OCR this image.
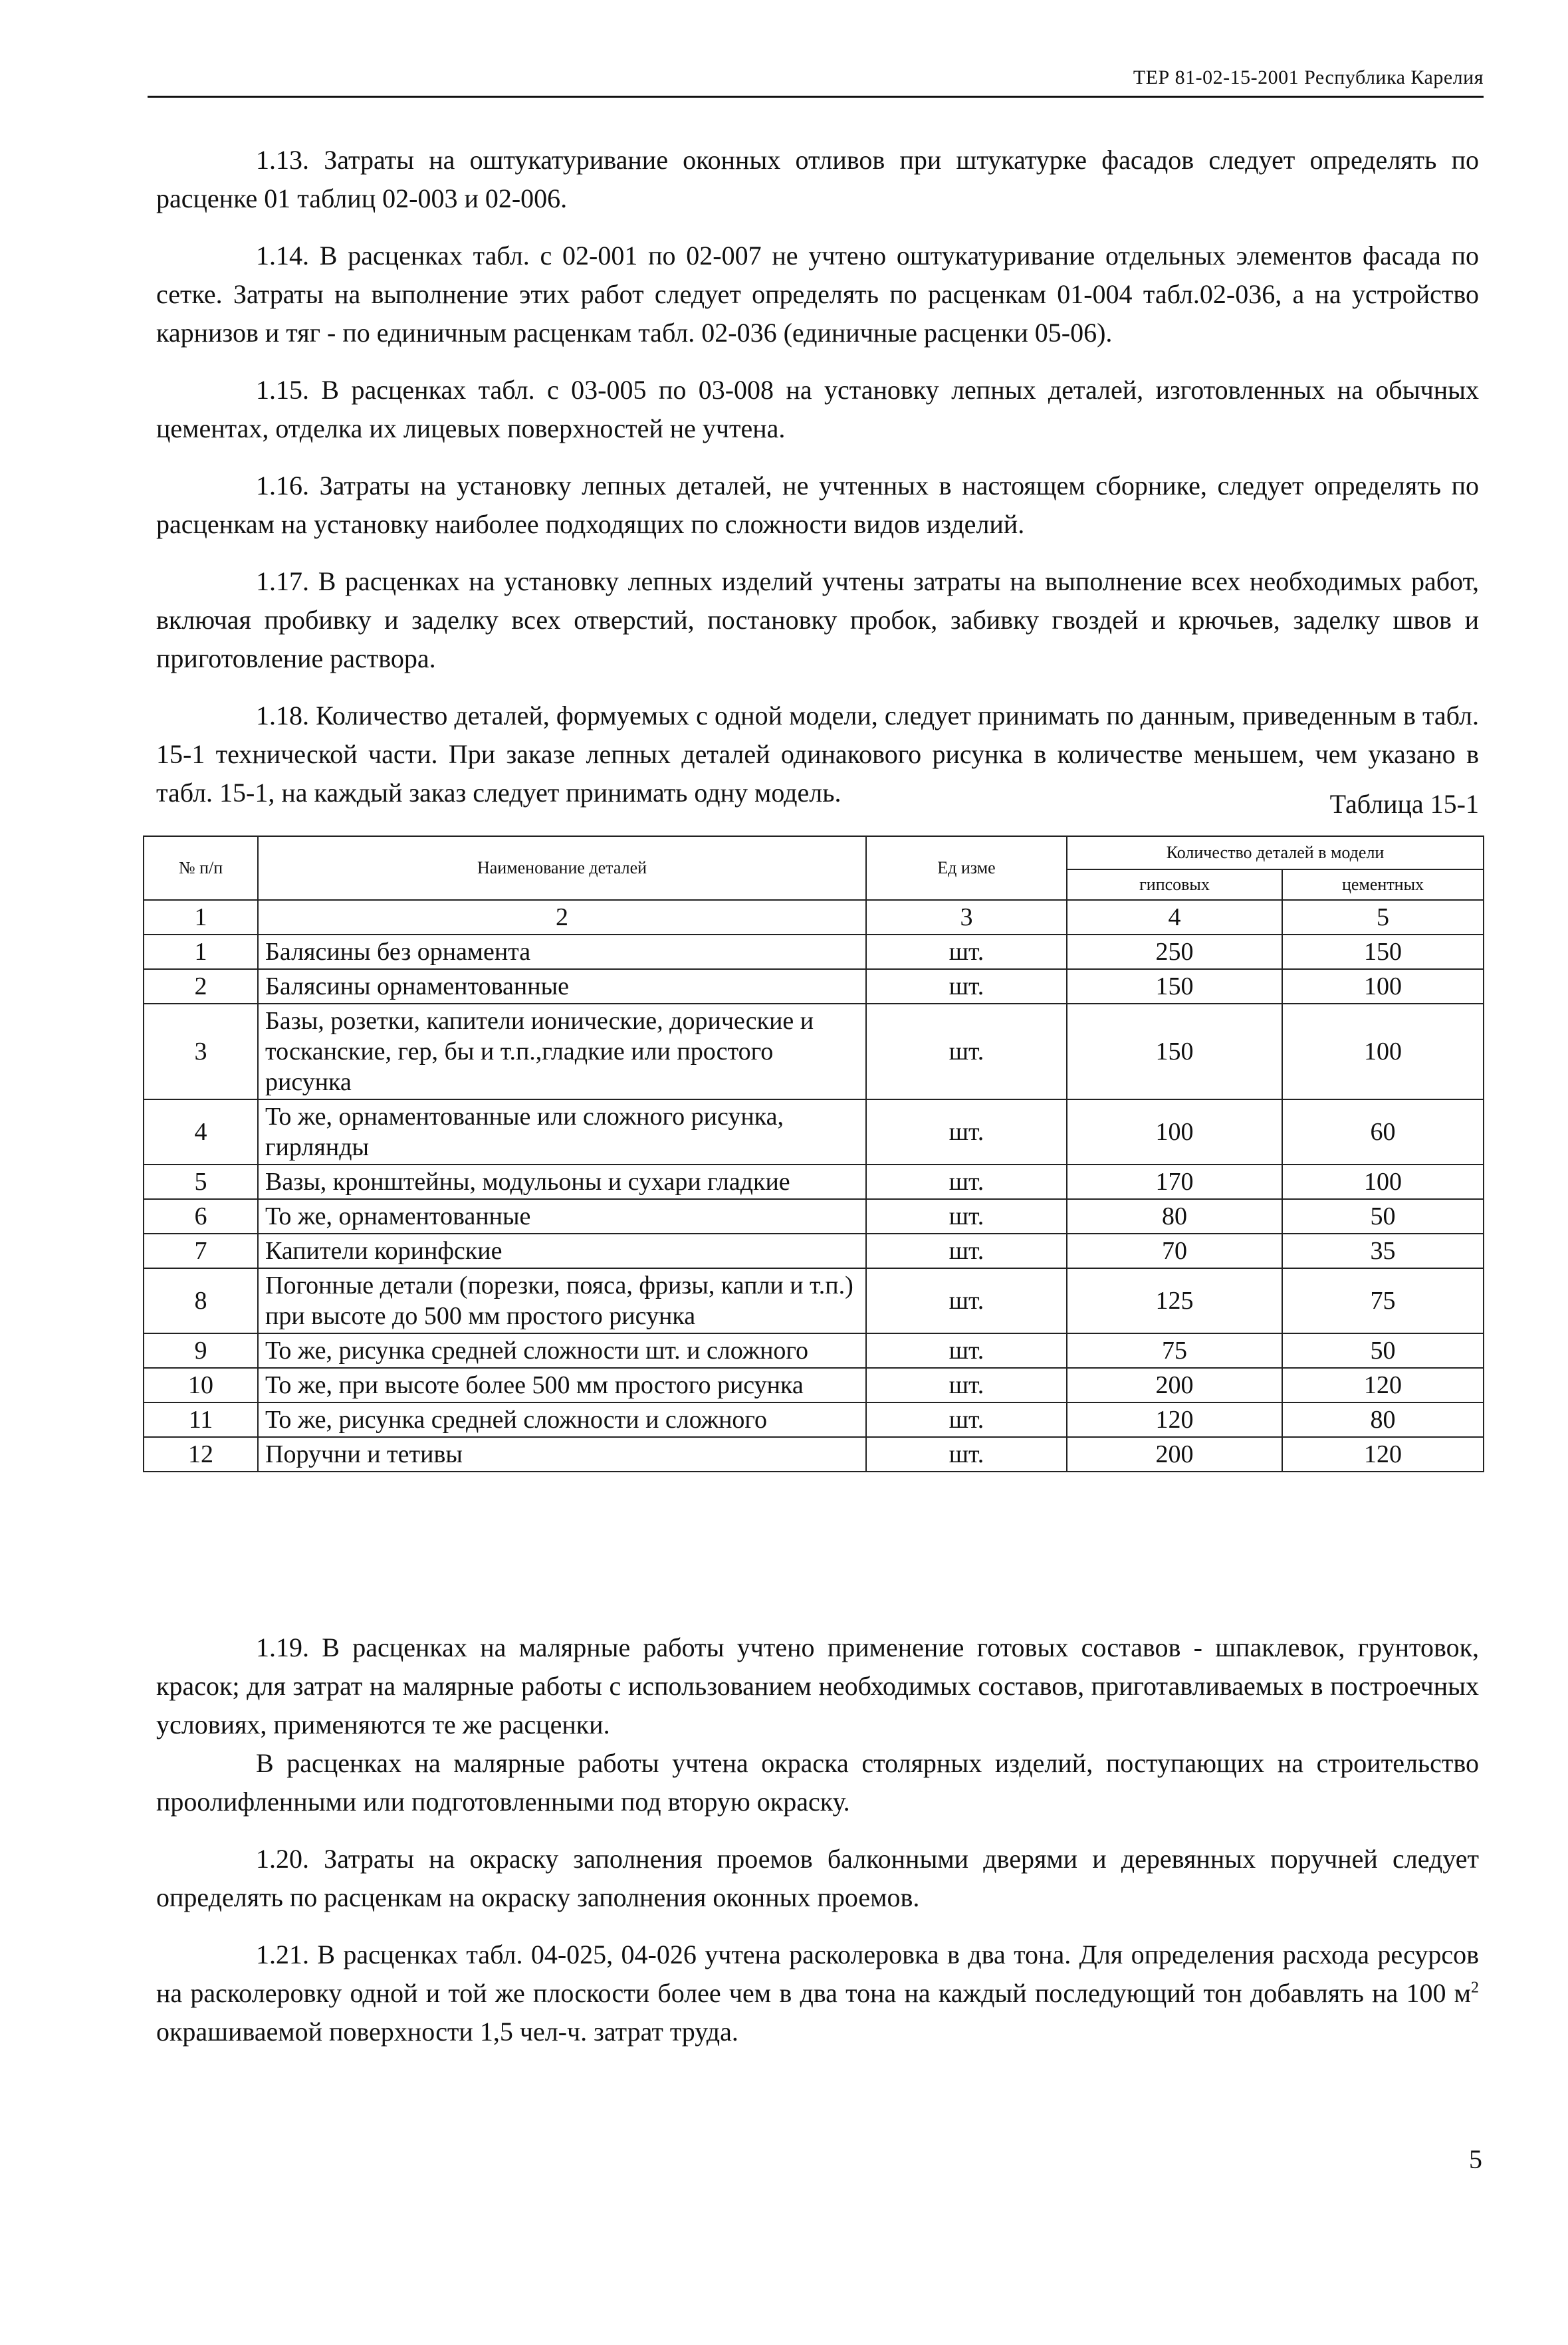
ТЕР 81-02-15-2001 Республика Карелия

1.13. Затраты на оштукатуривание оконных отливов при штукатурке фасадов следует определять по расценке 01 таблиц 02-003 и 02-006.

1.14. В расценках табл. с 02-001 по 02-007 не учтено оштукатуривание отдельных элементов фасада по сетке. Затраты на выполнение этих работ следует определять по расценкам 01-004 табл.02-036, а на устройство карнизов и тяг - по единичным расценкам табл. 02-036 (единичные расценки 05-06).

1.15. В расценках табл. с 03-005 по 03-008 на установку лепных деталей, изготовленных на обычных цементах, отделка их лицевых поверхностей не учтена.

1.16. Затраты на установку лепных деталей, не учтенных в настоящем сборнике, следует определять по расценкам на установку наиболее подходящих по сложности видов изделий.

1.17. В расценках на установку лепных изделий учтены затраты на выполнение всех необходимых работ, включая пробивку и заделку всех отверстий, постановку пробок, забивку гвоздей и крючьев, заделку швов и приготовление раствора.

1.18. Количество деталей, формуемых с одной модели, следует принимать по данным, приведенным в табл. 15-1 технической части. При заказе лепных деталей одинакового рисунка в количестве меньшем, чем указано в табл. 15-1, на каждый заказ следует принимать одну модель.	Таблица 15-1
№ п/п	Наименование деталей	Ед изме	Количество деталей в модели	
			гипсовых	цементных
1	2	3	4	5
1	Балясины без орнамента	шт.	250	150
2	Балясины орнаментованные	шт.	150	100
3	Базы, розетки, капители ионические, дорические и тосканские, гер, бы и т.п.,гладкие или простого рисунка	шт.	150	100
4	То же, орнаментованные или сложного рисунка, гирлянды	шт.	100	60
5	Вазы, кронштейны, модульоны и сухари гладкие	шт.	170	100
6	То же, орнаментованные	шт.	80	50
7	Капители коринфские	шт.	70	35
8	Погонные детали (порезки, пояса, фризы, капли и т.п.) при высоте до 500 мм простого рисунка	шт.	125	75
9	То же, рисунка средней сложности шт. и сложного	шт.	75	50
10	То же, при высоте более 500 мм простого рисунка	шт.	200	120
11	То же, рисунка средней сложности и сложного	шт.	120	80
12	Поручни и тетивы	шт.	200	120

1.19. В расценках на малярные работы учтено применение готовых составов - шпаклевок, грунтовок, красок; для затрат на малярные работы с использованием необходимых составов, приготавливаемых в построечных условиях, применяются те же расценки.

В расценках на малярные работы учтена окраска столярных изделий, поступающих на строительство проолифленными или подготовленными под вторую окраску.

1.20. Затраты на окраску заполнения проемов балконными дверями и деревянных поручней следует определять по расценкам на окраску заполнения оконных проемов.

1.21. В расценках табл. 04-025, 04-026 учтена расколеровка в два тона. Для определения расхода ресурсов на расколеровку одной и той же плоскости более чем в два тона на каждый последующий тон добавлять на 100 $м^2$ окрашиваемой поверхности 1,5 чел-ч. затрат труда.

5
